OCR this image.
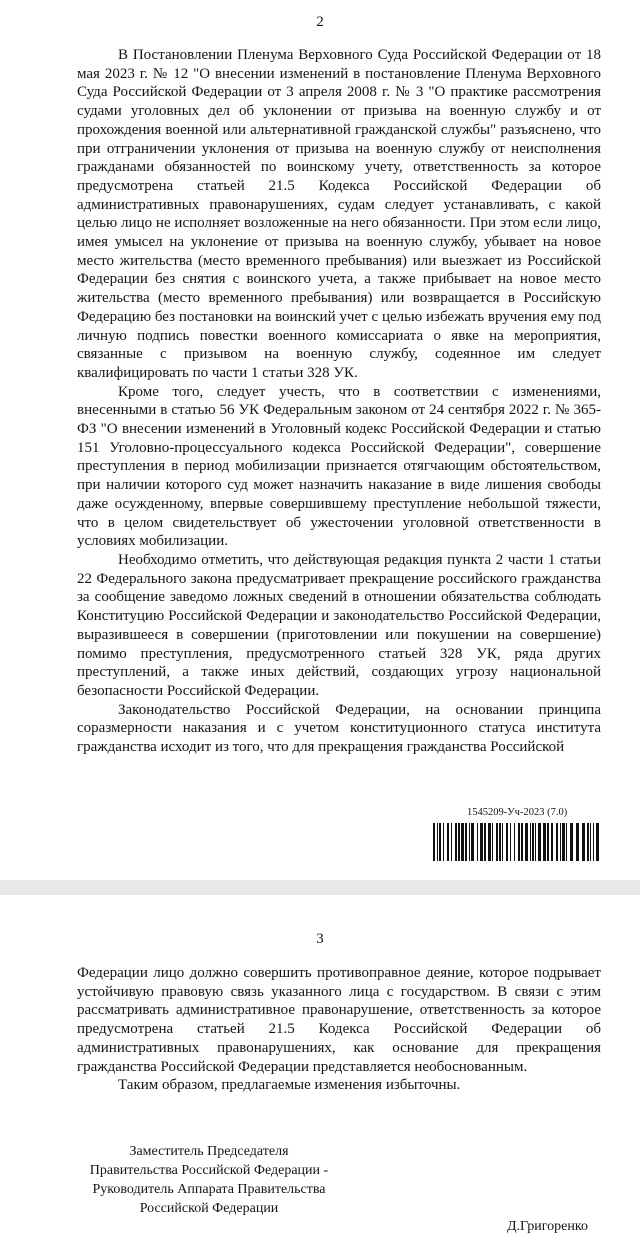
2

В Постановлении Пленума Верховного Суда Российской Федерации от 18 мая 2023 г. № 12 "О внесении изменений в постановление Пленума Верховного Суда Российской Федерации от 3 апреля 2008 г. № 3 "О практике рассмотрения судами уголовных дел об уклонении от призыва на военную службу и от прохождения военной или альтернативной гражданской службы" разъяснено, что при отграничении уклонения от призыва на военную службу от неисполнения гражданами обязанностей по воинскому учету, ответственность за которое предусмотрена статьей 21.5 Кодекса Российской Федерации об административных правонарушениях, судам следует устанавливать, с какой целью лицо не исполняет возложенные на него обязанности. При этом если лицо, имея умысел на уклонение от призыва на военную службу, убывает на новое место жительства (место временного пребывания) или выезжает из Российской Федерации без снятия с воинского учета, а также прибывает на новое место жительства (место временного пребывания) или возвращается в Российскую Федерацию без постановки на воинский учет с целью избежать вручения ему под личную подпись повестки военного комиссариата о явке на мероприятия, связанные с призывом на военную службу, содеянное им следует квалифицировать по части 1 статьи 328 УК.

Кроме того, следует учесть, что в соответствии с изменениями, внесенными в статью 56 УК Федеральным законом от 24 сентября 2022 г. № 365-ФЗ "О внесении изменений в Уголовный кодекс Российской Федерации и статью 151 Уголовно-процессуального кодекса Российской Федерации", совершение преступления в период мобилизации признается отягчающим обстоятельством, при наличии которого суд может назначить наказание в виде лишения свободы даже осужденному, впервые совершившему преступление небольшой тяжести, что в целом свидетельствует об ужесточении уголовной ответственности в условиях мобилизации.

Необходимо отметить, что действующая редакция пункта 2 части 1 статьи 22 Федерального закона предусматривает прекращение российского гражданства за сообщение заведомо ложных сведений в отношении обязательства соблюдать Конституцию Российской Федерации и законодательство Российской Федерации, выразившееся в совершении (приготовлении или покушении на совершение) помимо преступления, предусмотренного статьей 328 УК, ряда других преступлений, а также иных действий, создающих угрозу национальной безопасности Российской Федерации.

Законодательство Российской Федерации, на основании принципа соразмерности наказания и с учетом конституционного статуса института гражданства исходит из того, что для прекращения гражданства Российской

1545209-Уч-2023 (7.0)
3

Федерации лицо должно совершить противоправное деяние, которое подрывает устойчивую правовую связь указанного лица с государством. В связи с этим рассматривать административное правонарушение, ответственность за которое предусмотрена статьей 21.5 Кодекса Российской Федерации об административных правонарушениях, как основание для прекращения гражданства Российской Федерации представляется необоснованным.

Таким образом, предлагаемые изменения избыточны.

Заместитель Председателя
Правительства Российской Федерации -
Руководитель Аппарата Правительства
Российской Федерации
Д.Григоренко
